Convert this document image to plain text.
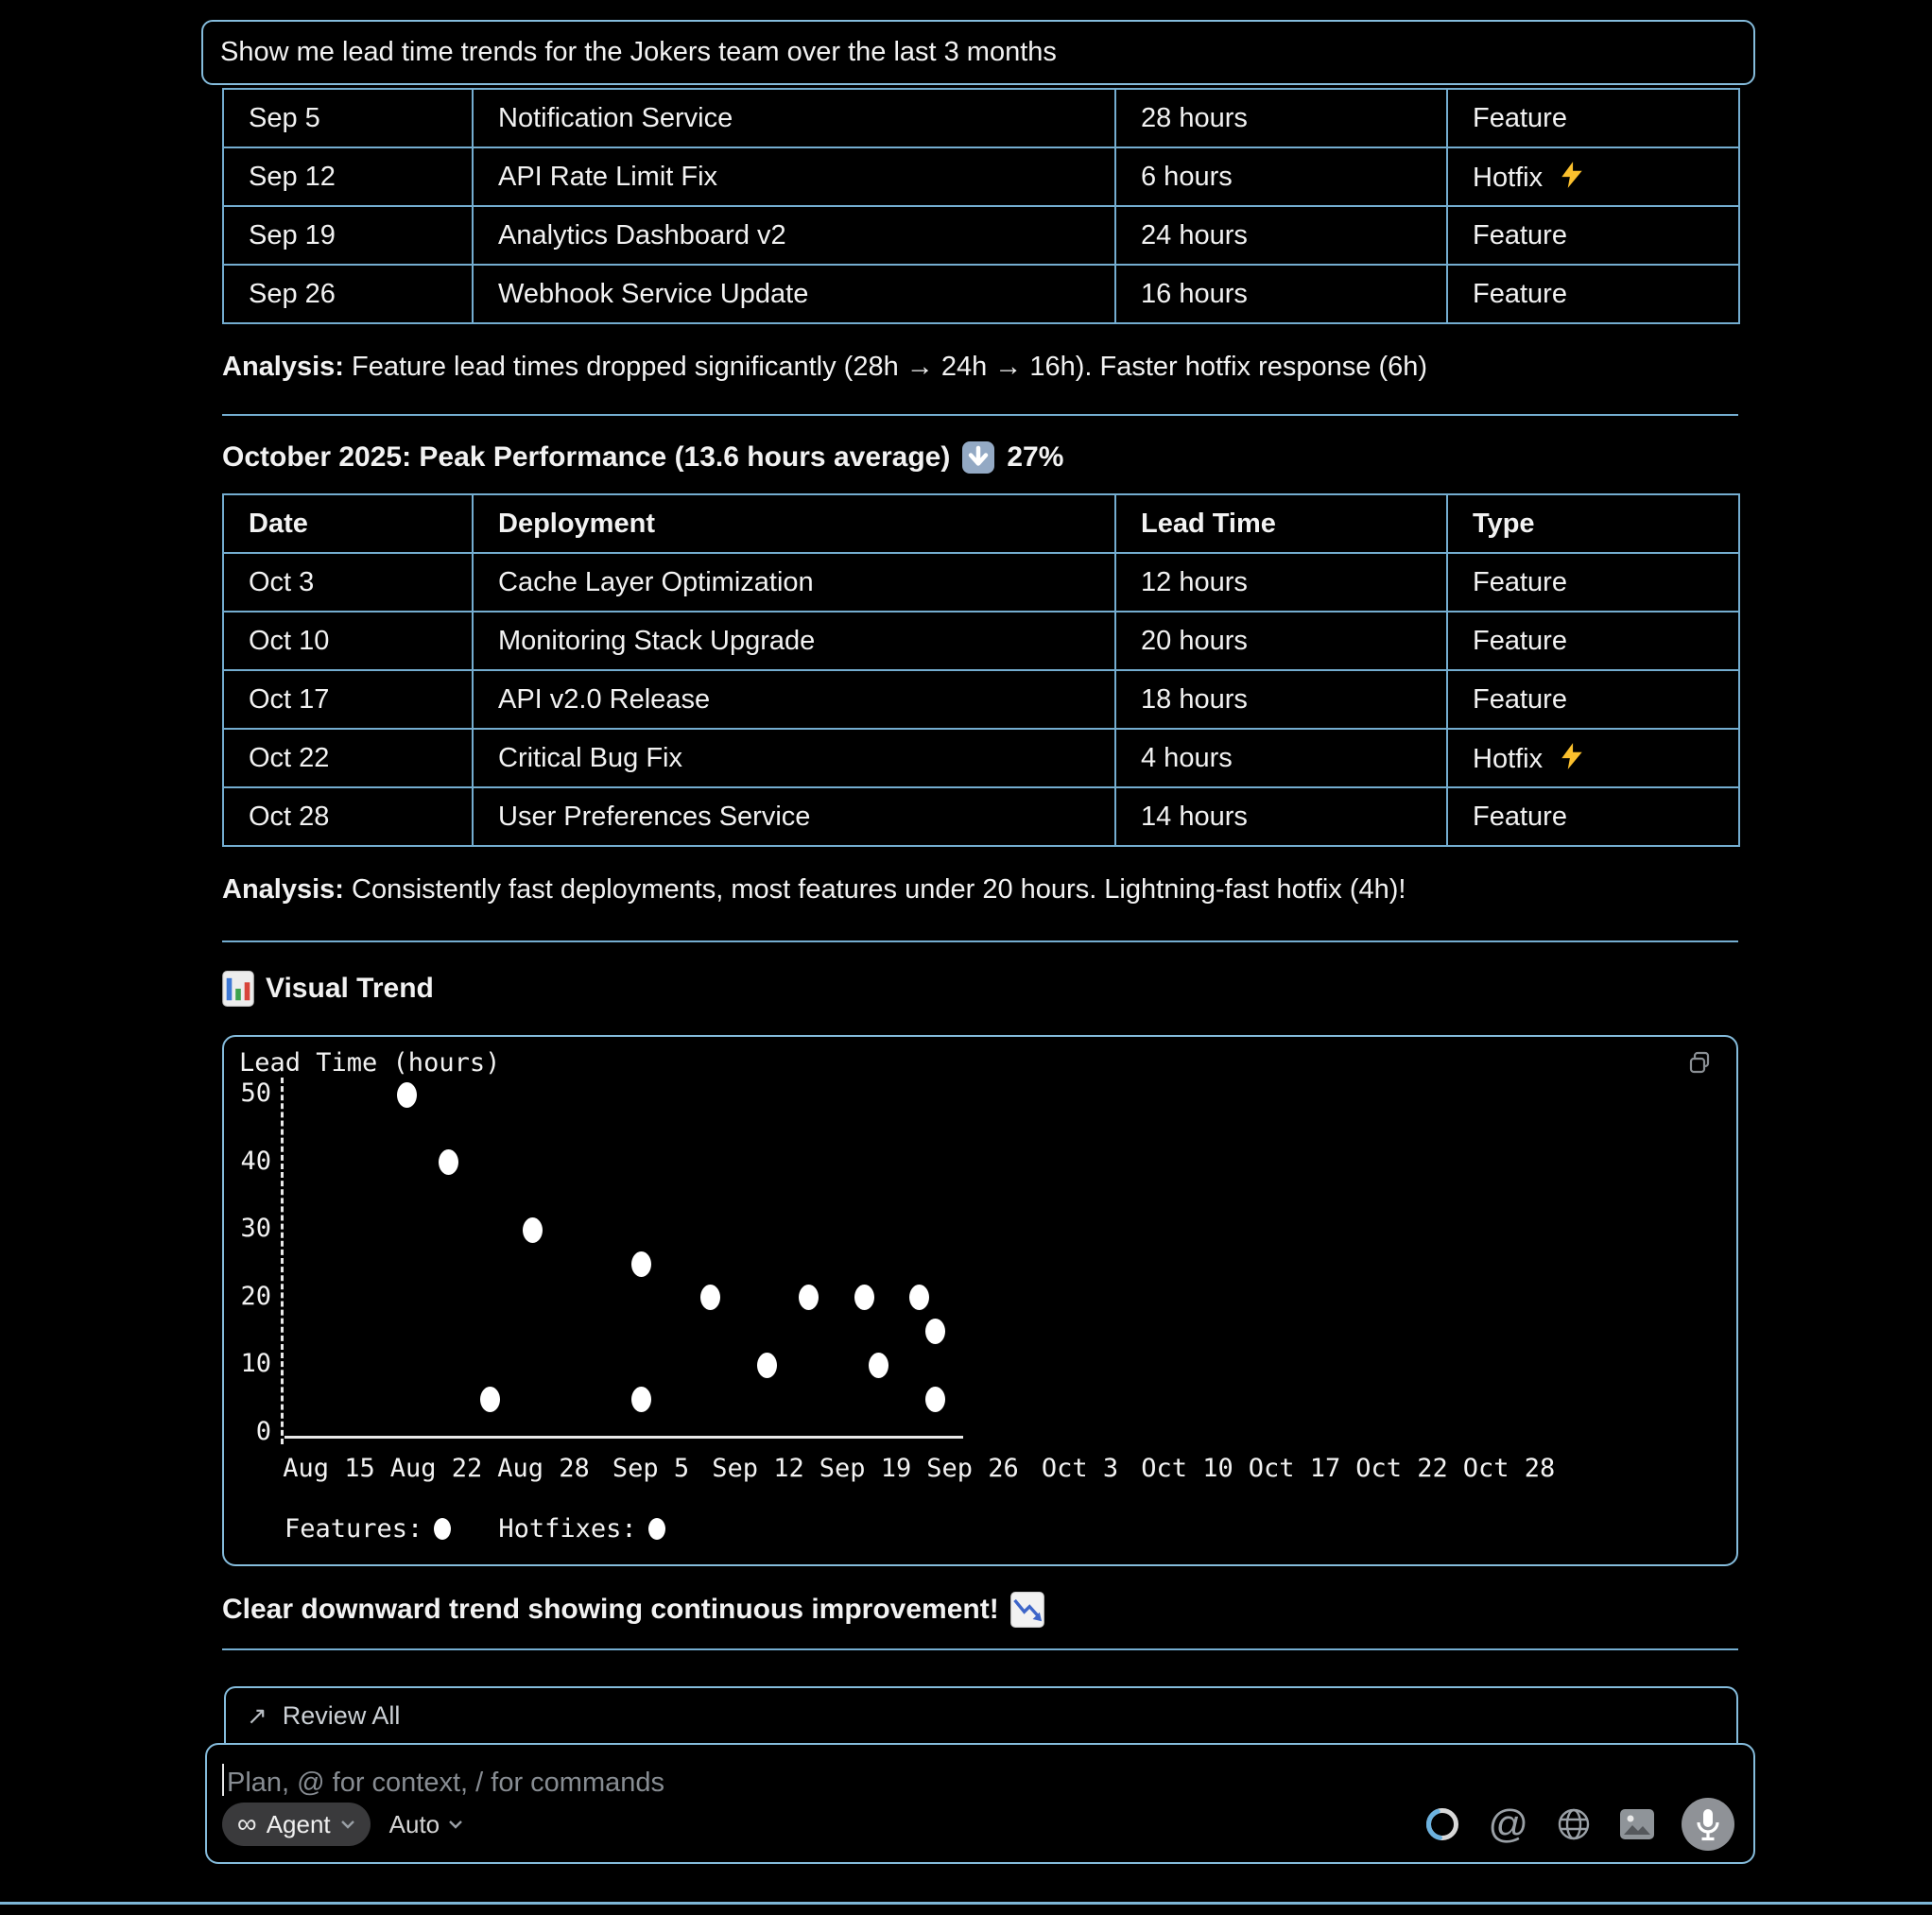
Show me lead time trends for the Jokers team over the last 3 months
Sep 5	Notification Service	28 hours	Feature
Sep 12	API Rate Limit Fix	6 hours	Hotfix
Sep 19	Analytics Dashboard v2	24 hours	Feature
Sep 26	Webhook Service Update	16 hours	Feature

Analysis: Feature lead times dropped significantly (28h → 24h → 16h). Faster hotfix response (6h)

October 2025: Peak Performance (13.6 hours average) 27%
Date	Deployment	Lead Time	Type
Oct 3	Cache Layer Optimization	12 hours	Feature
Oct 10	Monitoring Stack Upgrade	20 hours	Feature
Oct 17	API v2.0 Release	18 hours	Feature
Oct 22	Critical Bug Fix	4 hours	Hotfix
Oct 28	User Preferences Service	14 hours	Feature

Analysis: Consistently fast deployments, most features under 20 hours. Lightning-fast hotfix (4h)!

Visual Trend
Lead Time (hours)
Features:	Hotfixes:
50
40
30
20
10
0
Aug 15 Aug 22 Aug 28 Sep 5 Sep 12 Sep 19 Sep 26 Oct 3 Oct 10 Oct 17 Oct 22 Oct 28

Clear downward trend showing continuous improvement!

↗ Review All
Plan, @ for context, / for commands
∞ Agent Auto	@
